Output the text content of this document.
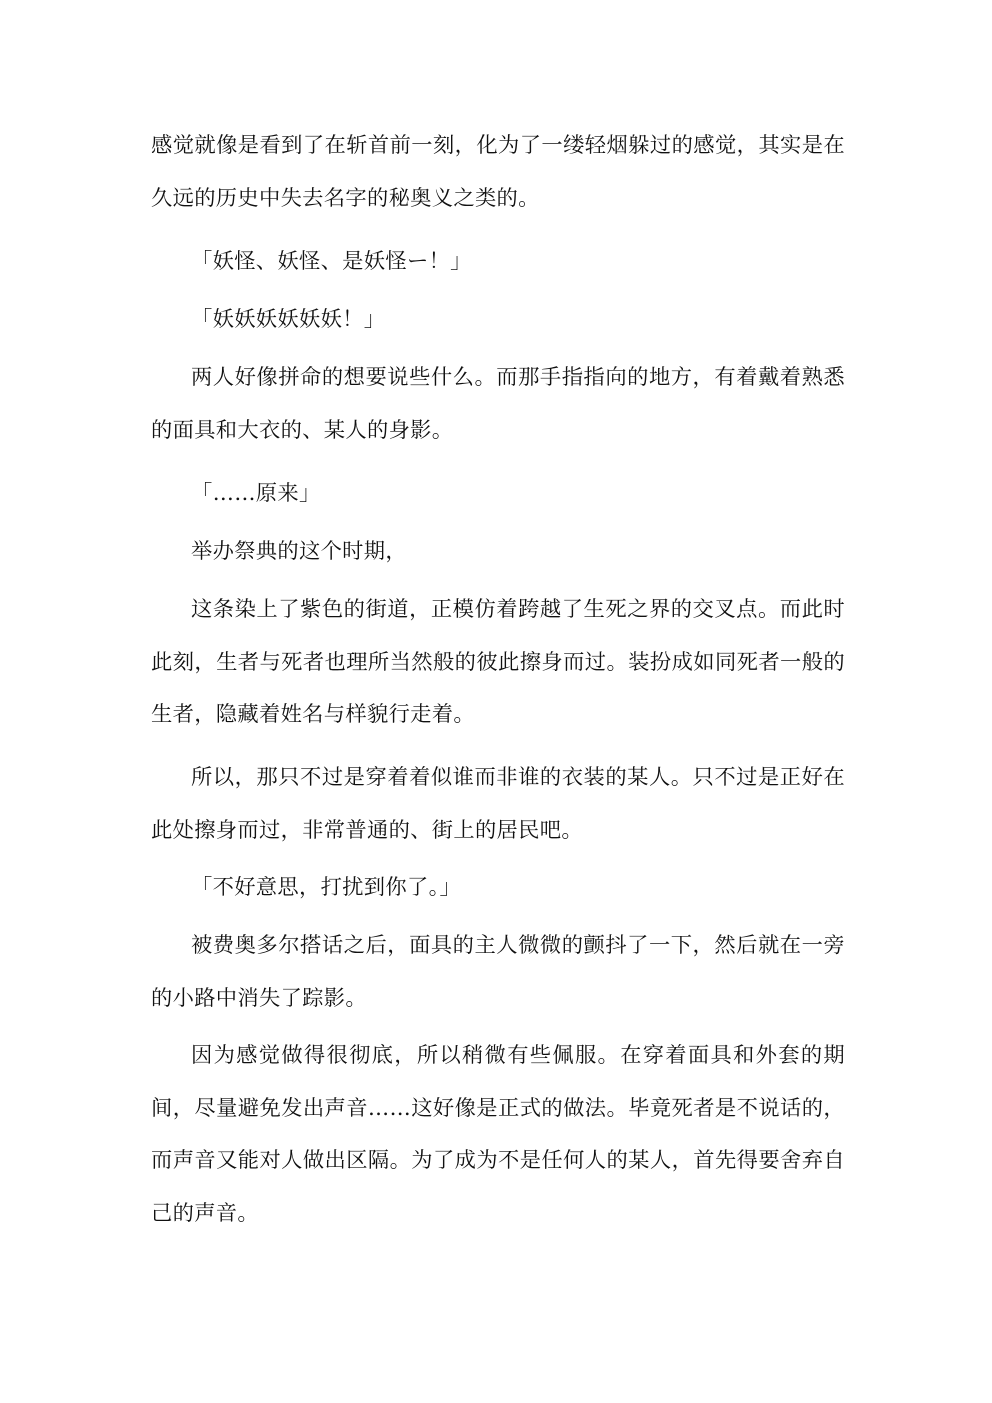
感觉就像是看到了在斩首前一刻，化为了一缕轻烟躲过的感觉，其实是在久远的历史中失去名字的秘奥义之类的。

「妖怪、妖怪、是妖怪ー！」

「妖妖妖妖妖妖！」

两人好像拼命的想要说些什么。而那手指指向的地方，有着戴着熟悉的面具和大衣的、某人的身影。

「……原来」

举办祭典的这个时期，

这条染上了紫色的街道，正模仿着跨越了生死之界的交叉点。而此时此刻，生者与死者也理所当然般的彼此擦身而过。装扮成如同死者一般的生者，隐藏着姓名与样貌行走着。

所以，那只不过是穿着着似谁而非谁的衣装的某人。只不过是正好在此处擦身而过，非常普通的、街上的居民吧。

「不好意思，打扰到你了。」

被费奥多尔搭话之后，面具的主人微微的颤抖了一下，然后就在一旁的小路中消失了踪影。

因为感觉做得很彻底，所以稍微有些佩服。在穿着面具和外套的期间，尽量避免发出声音……这好像是正式的做法。毕竟死者是不说话的，而声音又能对人做出区隔。为了成为不是任何人的某人，首先得要舍弃自己的声音。
